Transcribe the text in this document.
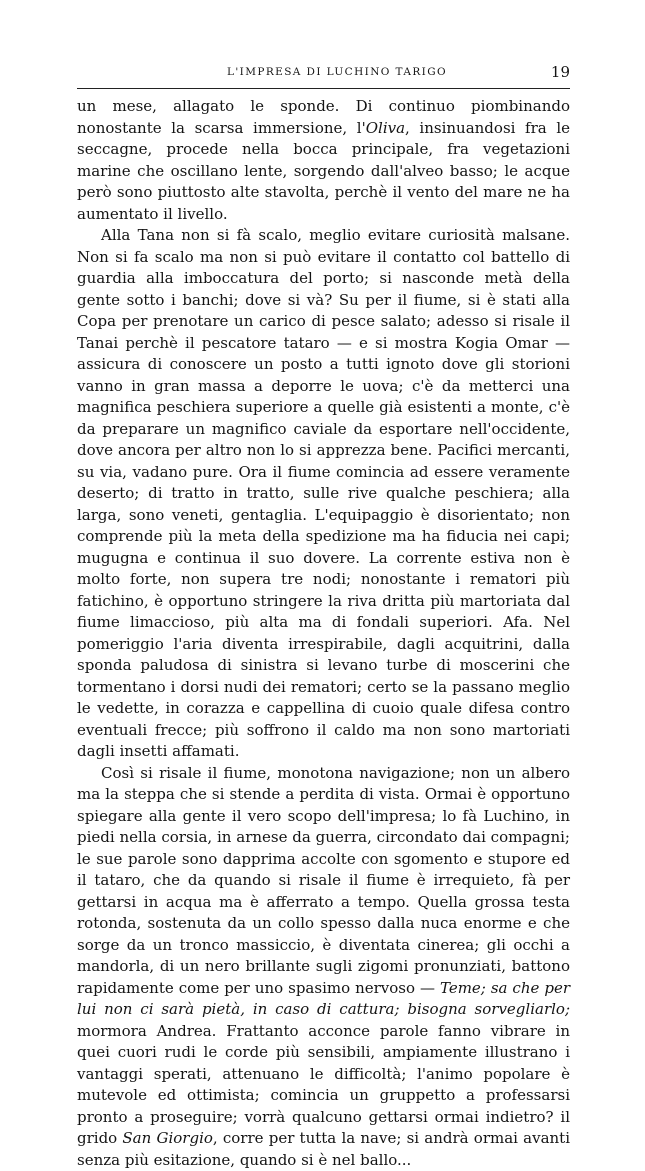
L'IMPRESA DI LUCHINO TARIGO	19

un mese, allagato le sponde. Di continuo piombinando nonostante la scarsa immersione, l'Oliva, insinuandosi fra le seccagne, procede nella bocca principale, fra vegetazioni marine che oscillano lente, sorgendo dall'alveo basso; le acque però sono piuttosto alte stavolta, perchè il vento del mare ne ha aumentato il livello.

Alla Tana non si fà scalo, meglio evitare curiosità malsane. Non si fa scalo ma non si può evitare il contatto col battello di guardia alla imboccatura del porto; si nasconde metà della gente sotto i banchi; dove si và? Su per il fiume, si è stati alla Copa per prenotare un carico di pesce salato; adesso si risale il Tanai perchè il pescatore tataro — e si mostra Kogia Omar — assicura di conoscere un posto a tutti ignoto dove gli storioni vanno in gran massa a deporre le uova; c'è da metterci una magnifica peschiera superiore a quelle già esistenti a monte, c'è da preparare un magnifico caviale da esportare nell'occidente, dove ancora per altro non lo si apprezza bene. Pacifici mercanti, su via, vadano pure. Ora il fiume comincia ad essere veramente deserto; di tratto in tratto, sulle rive qualche peschiera; alla larga, sono veneti, gentaglia. L'equipaggio è disorientato; non comprende più la meta della spedizione ma ha fiducia nei capi; mugugna e continua il suo dovere. La corrente estiva non è molto forte, non supera tre nodi; nonostante i rematori più fatichino, è opportuno stringere la riva dritta più martoriata dal fiume limaccioso, più alta ma di fondali superiori. Afa. Nel pomeriggio l'aria diventa irrespirabile, dagli acquitrini, dalla sponda paludosa di sinistra si levano turbe di moscerini che tormentano i dorsi nudi dei rematori; certo se la passano meglio le vedette, in corazza e cappellina di cuoio quale difesa contro eventuali frecce; più soffrono il caldo ma non sono martoriati dagli insetti affamati.

Così si risale il fiume, monotona navigazione; non un albero ma la steppa che si stende a perdita di vista. Ormai è opportuno spiegare alla gente il vero scopo dell'impresa; lo fà Luchino, in piedi nella corsia, in arnese da guerra, circondato dai compagni; le sue parole sono dapprima accolte con sgomento e stupore ed il tataro, che da quando si risale il fiume è irrequieto, fà per gettarsi in acqua ma è afferrato a tempo. Quella grossa testa rotonda, sostenuta da un collo spesso dalla nuca enorme e che sorge da un tronco massiccio, è diventata cinerea; gli occhi a mandorla, di un nero brillante sugli zigomi pronunziati, battono rapidamente come per uno spasimo nervoso — Teme; sa che per lui non ci sarà pietà, in caso di cattura; bisogna sorvegliarlo; mormora Andrea. Frattanto acconce parole fanno vibrare in quei cuori rudi le corde più sensibili, ampiamente illustrano i vantaggi sperati, attenuano le difficoltà; l'animo popolare è mutevole ed ottimista; comincia un gruppetto a professarsi pronto a proseguire; vorrà qualcuno gettarsi ormai indietro? il grido San Giorgio, corre per tutta la nave; si andrà ormai avanti senza più esitazione, quando si è nel ballo...
